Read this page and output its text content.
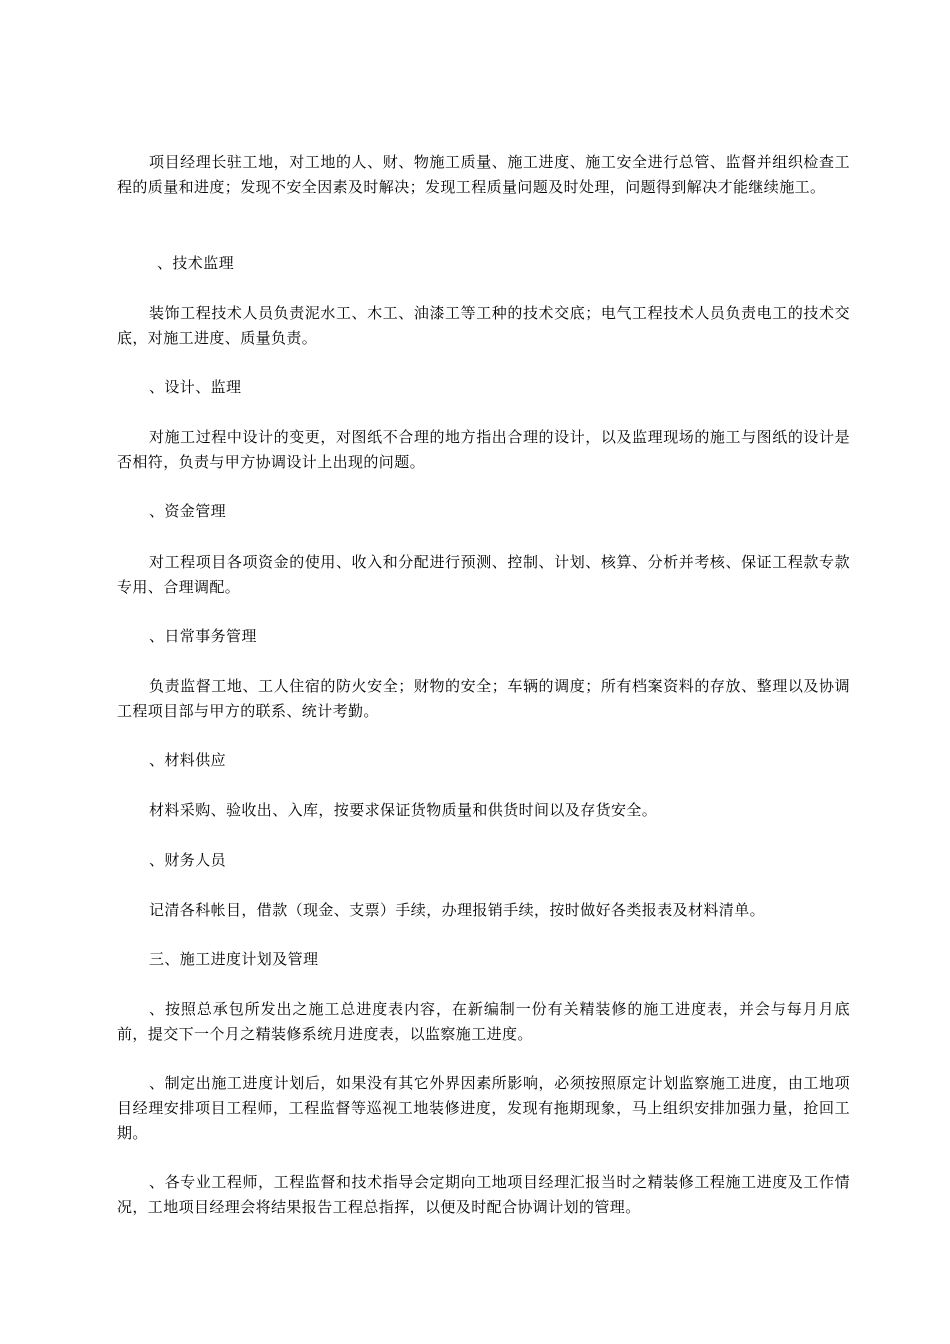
项目经理长驻工地，对工地的人、财、物施工质量、施工进度、施工安全进行总管、监督并组织检查工程的质量和进度；发现不安全因素及时解决；发现工程质量问题及时处理，问题得到解决才能继续施工。

、技术监理

装饰工程技术人员负责泥水工、木工、油漆工等工种的技术交底；电气工程技术人员负责电工的技术交底，对施工进度、质量负责。

、设计、监理

对施工过程中设计的变更，对图纸不合理的地方指出合理的设计，以及监理现场的施工与图纸的设计是否相符，负责与甲方协调设计上出现的问题。

、资金管理

对工程项目各项资金的使用、收入和分配进行预测、控制、计划、核算、分析并考核、保证工程款专款专用、合理调配。

、日常事务管理

负责监督工地、工人住宿的防火安全；财物的安全；车辆的调度；所有档案资料的存放、整理以及协调工程项目部与甲方的联系、统计考勤。

、材料供应

材料采购、验收出、入库，按要求保证货物质量和供货时间以及存货安全。

、财务人员

记清各科帐目，借款（现金、支票）手续，办理报销手续，按时做好各类报表及材料清单。

三、施工进度计划及管理

、按照总承包所发出之施工总进度表内容，在新编制一份有关精装修的施工进度表，并会与每月月底前，提交下一个月之精装修系统月进度表，以监察施工进度。

、制定出施工进度计划后，如果没有其它外界因素所影响，必须按照原定计划监察施工进度，由工地项目经理安排项目工程师，工程监督等巡视工地装修进度，发现有拖期现象，马上组织安排加强力量，抢回工期。

、各专业工程师，工程监督和技术指导会定期向工地项目经理汇报当时之精装修工程施工进度及工作情况，工地项目经理会将结果报告工程总指挥，以便及时配合协调计划的管理。
